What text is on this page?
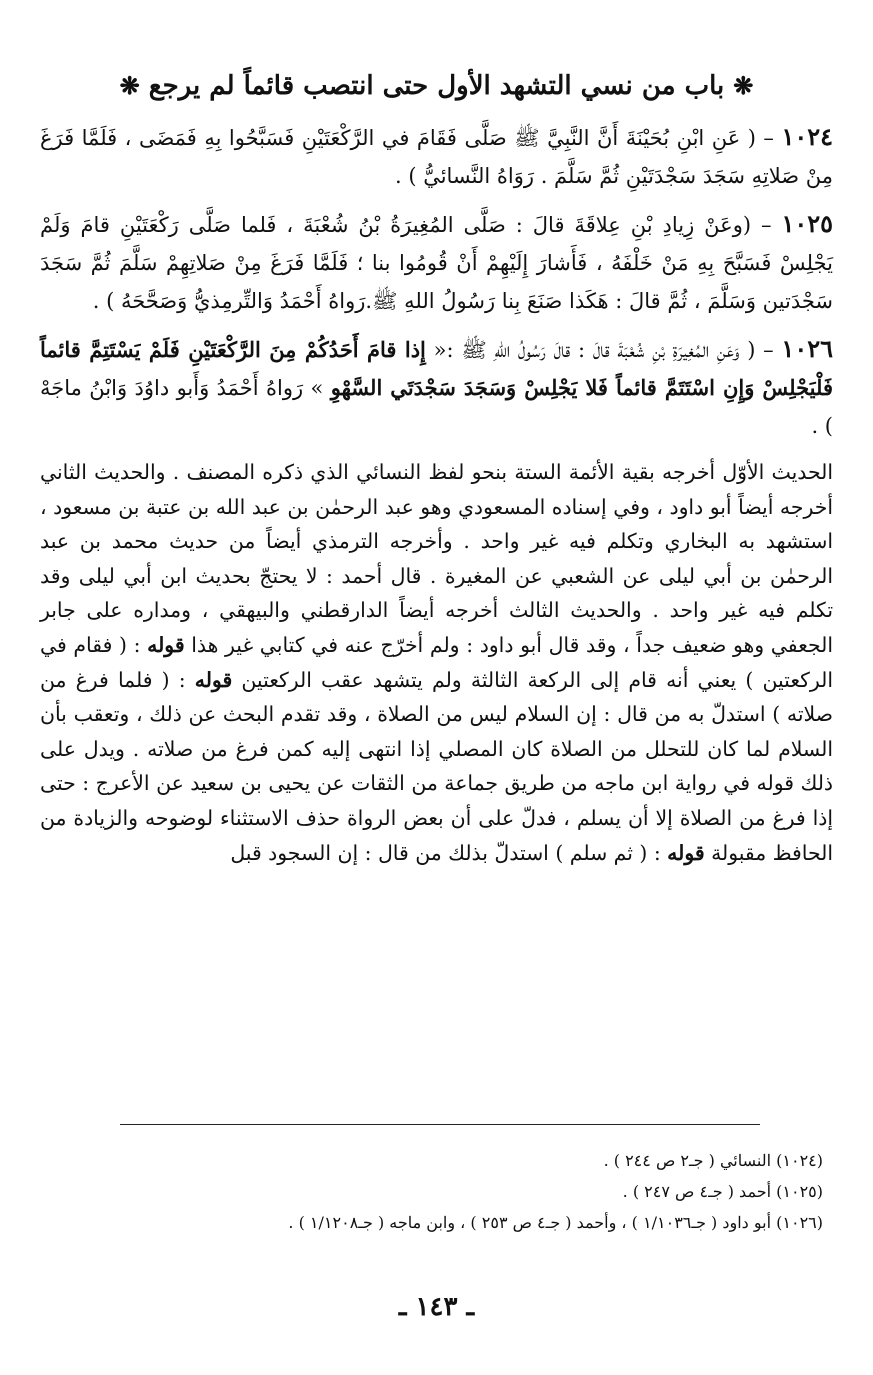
❋ باب من نسي التشهد الأول حتى انتصب قائماً لم يرجع ❋
١٠٢٤ – ( عَنِ ابْنِ بُحَيْنَةَ أَنَّ النَّبِيَّ ﷺ صَلَّى فَقَامَ في الرَّكْعَتَيْنِ فَسَبَّحُوا بِهِ فَمَضَى ، فَلَمَّا فَرَغَ مِنْ صَلاتِهِ سَجَدَ سَجْدَتَيْنِ ثُمَّ سَلَّمَ . رَوَاهُ النَّسائيُّ ) .
١٠٢٥ – (وعَنْ زِيادِ بْنِ عِلاقَةَ قالَ : صَلَّى المُغِيرَةُ بْنُ شُعْبَةَ ، فَلما صَلَّى رَكْعَتَيْنِ قامَ وَلَمْ يَجْلِسْ فَسَبَّحَ بِهِ مَنْ خَلْفَهُ ، فَأَشارَ إِلَيْهِمْ أَنْ قُومُوا بنا ؛ فَلَمَّا فَرَغَ مِنْ صَلاتِهِمْ سَلَّمَ ثُمَّ سَجَدَ سَجْدَتين وَسَلَّمَ ، ثُمَّ قالَ : هَكَذا صَنَعَ بِنا رَسُولُ اللهِ ﷺ.رَواهُ أَحْمَدُ وَالتِّرمِذيُّ وَصَحَّحَهُ ) .
١٠٢٦ – ( وَعَنِ المُغِيرَةِ بْنِ شُعْبَةَ قالَ : قالَ رَسُولُ اللهِ ﷺ :« إِذا قامَ أَحَدُكُمْ مِنَ الرَّكْعَتَيْنِ فَلَمْ يَسْتَتِمَّ قائماً فَلْيَجْلِسْ وَإِنِ اسْتَتَمَّ قائماً فَلا يَجْلِسْ وَسَجَدَ سَجْدَتَي السَّهْوِ » رَواهُ أَحْمَدُ وَأَبو داوُدَ وَابْنُ ماجَهْ ) .
الحديث الأوّل أخرجه بقية الأئمة الستة بنحو لفظ النسائي الذي ذكره المصنف . والحديث الثاني أخرجه أيضاً أبو داود ، وفي إسناده المسعودي وهو عبد الرحمٰن بن عبد الله بن عتبة بن مسعود ، استشهد به البخاري وتكلم فيه غير واحد . وأخرجه الترمذي أيضاً من حديث محمد بن عبد الرحمٰن بن أبي ليلى عن الشعبي عن المغيرة . قال أحمد : لا يحتجّ بحديث ابن أبي ليلى وقد تكلم فيه غير واحد . والحديث الثالث أخرجه أيضاً الدارقطني والبيهقي ، ومداره على جابر الجعفي وهو ضعيف جداً ، وقد قال أبو داود : ولم أخرّج عنه في كتابي غير هذا قوله : ( فقام في الركعتين ) يعني أنه قام إلى الركعة الثالثة ولم يتشهد عقب الركعتين قوله : ( فلما فرغ من صلاته ) استدلّ به من قال : إن السلام ليس من الصلاة ، وقد تقدم البحث عن ذلك ، وتعقب بأن السلام لما كان للتحلل من الصلاة كان المصلي إذا انتهى إليه كمن فرغ من صلاته . ويدل على ذلك قوله في رواية ابن ماجه من طريق جماعة من الثقات عن يحيى بن سعيد عن الأعرج : حتى إذا فرغ من الصلاة إلا أن يسلم ، فدلّ على أن بعض الرواة حذف الاستثناء لوضوحه والزيادة من الحافظ مقبولة قوله : ( ثم سلم ) استدلّ بذلك من قال : إن السجود قبل
(١٠٢٤) النسائي ( جـ٢ ص ٢٤٤ ) .
(١٠٢٥) أحمد ( جـ٤ ص ٢٤٧ ) .
(١٠٢٦) أبو داود ( جـ١/١٠٣٦ ) ، وأحمد ( جـ٤ ص ٢٥٣ ) ، وابن ماجه ( جـ١/١٢٠٨ ) .
ـ ١٤٣ ـ
